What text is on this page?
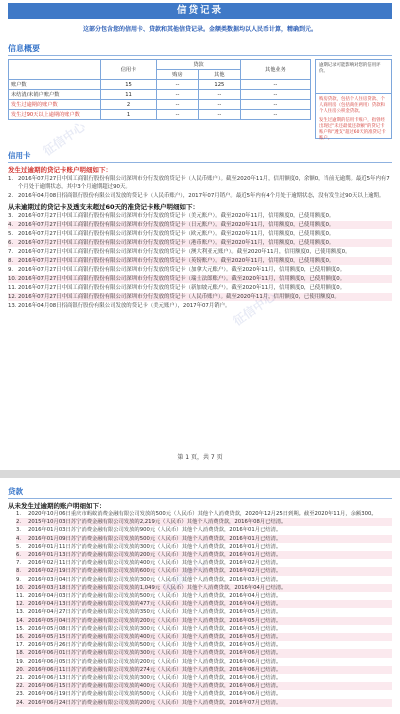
征信中心
征信中心
信贷记录
这部分包含您的信用卡、贷款和其他信贷记录。金额类数据均以人民币计算，精确到元。
信息概要
	信用卡	贷款		其他业务
		购房	其他	
账户数	15	--	125	--
未结清/未销户账户数	11	--	--	--
发生过逾期的账户数	2	--	--	--
发生过90天以上逾期的账户数	1	--	--	--
逾期记录可能影响对您的信用评价。

购房贷款，包括个人住房贷款、个人商用房（包括商住两用）贷款和个人住房公积金贷款。

发生过逾期的信用卡账户，指曾经出现过"未还最低还款额"的贷记卡账户和"透支"超过60天的准贷记卡账户。

信用卡
发生过逾期的贷记卡账户明细如下：
1. 2016年07月27日中国工商银行股份有限公司深圳市分行发放的贷记卡（人民币账户）。截至2020年11月，信用额度0，余额0，当前无逾期。最近5年内有7个月处于逾期状态，其中3个月逾期超过90天。
2. 2016年04月08日招商银行股份有限公司发放的贷记卡（人民币账户），2017年07月销户。最近5年内有4个月处于逾期状态，没有发生过90天以上逾期。
从未逾期过的贷记卡及透支未超过60天的准贷记卡账户明细如下：
3. 2016年07月27日中国工商银行股份有限公司深圳市分行发放的贷记卡（美元账户）。截至2020年11月，信用额度0，已使用额度0。
4. 2016年07月27日中国工商银行股份有限公司深圳市分行发放的贷记卡（日元账户）。截至2020年11月，信用额度0，已使用额度0。
5. 2016年07月27日中国工商银行股份有限公司深圳市分行发放的贷记卡（欧元账户）。截至2020年11月，信用额度0，已使用额度0。
6. 2016年07月27日中国工商银行股份有限公司深圳市分行发放的贷记卡（港币账户）。截至2020年11月，信用额度0，已使用额度0。
7. 2016年07月27日中国工商银行股份有限公司深圳市分行发放的贷记卡（澳大利亚元账户）。截至2020年11月，信用额度0，已使用额度0。
8. 2016年07月27日中国工商银行股份有限公司深圳市分行发放的贷记卡（英镑账户）。截至2020年11月，信用额度0，已使用额度0。
9. 2016年07月27日中国工商银行股份有限公司深圳市分行发放的贷记卡（加拿大元账户）。截至2020年11月，信用额度0，已使用额度0。
10. 2016年07月27日中国工商银行股份有限公司深圳市分行发放的贷记卡（瑞士法郎账户）。截至2020年11月，信用额度0，已使用额度0。
11. 2016年07月27日中国工商银行股份有限公司深圳市分行发放的贷记卡（新加坡元账户）。截至2020年11月，信用额度0，已使用额度0。
12. 2016年07月27日中国工商银行股份有限公司深圳市分行发放的贷记卡（人民币账户）。截至2020年11月，信用额度0，已使用额度0。
13. 2016年04月08日招商银行股份有限公司发放的贷记卡（美元账户），2017年07月销户。
第 1 页，共 7 页
征信中心
贷款
从未发生过逾期的账户明细如下：
1.	2020年10月06日重庆市蚂蚁消费金融有限公司发放的500元（人民币）其他个人消费贷款，2020年12月25日到期。截至2020年11月，余额300。
2.	2015年10月03日苏宁消费金融有限公司发放的2,219元（人民币）其他个人消费贷款，2016年08月已结清。
3.	2016年01月03日苏宁消费金融有限公司发放的900元（人民币）其他个人消费贷款，2016年01月已结清。
4.	2016年01月09日苏宁消费金融有限公司发放的500元（人民币）其他个人消费贷款，2016年01月已结清。
5.	2016年01月11日苏宁消费金融有限公司发放的300元（人民币）其他个人消费贷款，2016年01月已结清。
6.	2016年01月13日苏宁消费金融有限公司发放的200元（人民币）其他个人消费贷款，2016年01月已结清。
7.	2016年02月11日苏宁消费金融有限公司发放的400元（人民币）其他个人消费贷款，2016年02月已结清。
8.	2016年02月19日苏宁消费金融有限公司发放的600元（人民币）其他个人消费贷款，2016年02月已结清。
9.	2016年03月04日苏宁消费金融有限公司发放的300元（人民币）其他个人消费贷款，2016年03月已结清。
10. 2016年03月18日苏宁消费金融有限公司发放的1,049元（人民币）其他个人消费贷款，2016年04月已结清。
11. 2016年04月03日苏宁消费金融有限公司发放的500元（人民币）其他个人消费贷款，2016年04月已结清。
12. 2016年04月13日苏宁消费金融有限公司发放的477元（人民币）其他个人消费贷款，2016年04月已结清。
13. 2016年04月27日苏宁消费金融有限公司发放的350元（人民币）其他个人消费贷款，2016年05月已结清。
14. 2016年05月04日苏宁消费金融有限公司发放的200元（人民币）其他个人消费贷款，2016年05月已结清。
15. 2016年05月08日苏宁消费金融有限公司发放的300元（人民币）其他个人消费贷款，2016年05月已结清。
16. 2016年05月15日苏宁消费金融有限公司发放的400元（人民币）其他个人消费贷款，2016年05月已结清。
17. 2016年05月26日苏宁消费金融有限公司发放的500元（人民币）其他个人消费贷款，2016年05月已结清。
18. 2016年06月01日苏宁消费金融有限公司发放的300元（人民币）其他个人消费贷款，2016年06月已结清。
19. 2016年06月05日苏宁消费金融有限公司发放的200元（人民币）其他个人消费贷款，2016年06月已结清。
20. 2016年06月11日苏宁消费金融有限公司发放的274元（人民币）其他个人消费贷款，2016年06月已结清。
21. 2016年06月13日苏宁消费金融有限公司发放的300元（人民币）其他个人消费贷款，2016年06月已结清。
22. 2016年06月15日苏宁消费金融有限公司发放的400元（人民币）其他个人消费贷款，2016年06月已结清。
23. 2016年06月19日苏宁消费金融有限公司发放的500元（人民币）其他个人消费贷款，2016年06月已结清。
24. 2016年06月24日苏宁消费金融有限公司发放的200元（人民币）其他个人消费贷款，2016年07月已结清。
